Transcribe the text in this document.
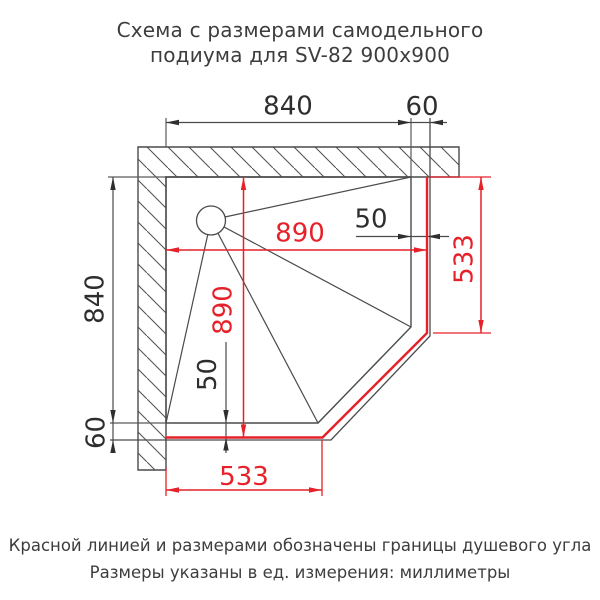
Схема с размерами самодельного
подиума для SV-82 900x900
840	60
840
60
50
50
890
890
533
533
Красной линией и размерами обозначены границы душевого угла
Размеры указаны в ед. измерения: миллиметры
